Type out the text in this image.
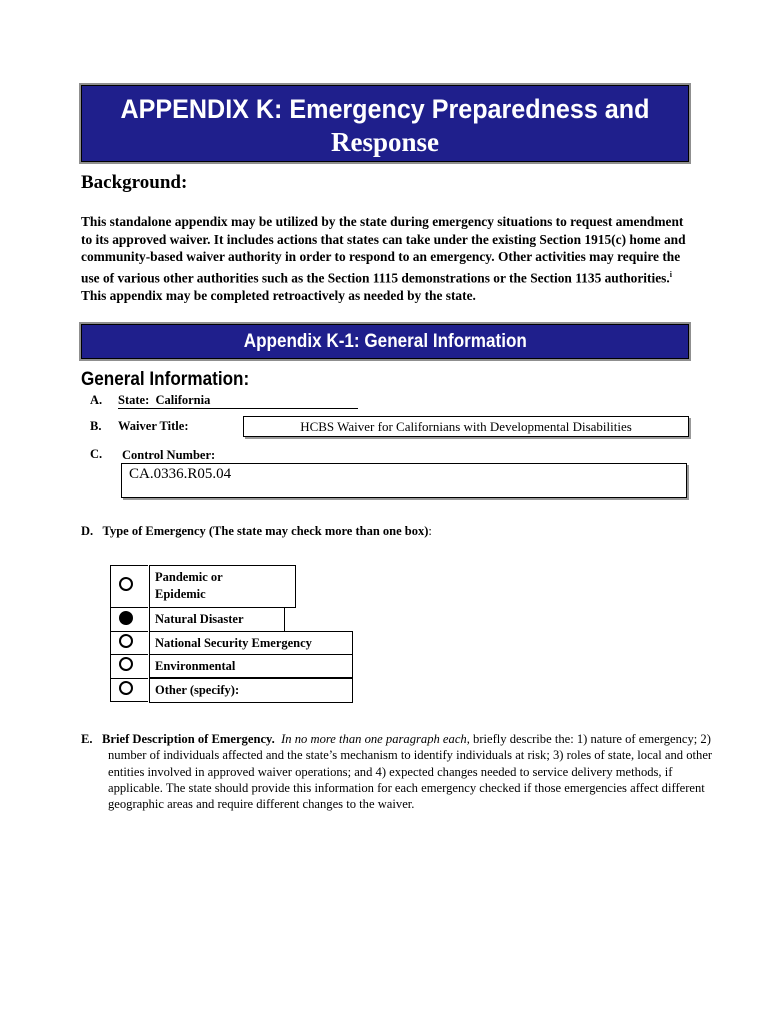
APPENDIX K: Emergency Preparedness and
Response
Background:
This standalone appendix may be utilized by the state during emergency situations to request amendment to its approved waiver. It includes actions that states can take under the existing Section 1915(c) home and community-based waiver authority in order to respond to an emergency. Other activities may require the use of various other authorities such as the Section 1115 demonstrations or the Section 1135 authorities.$^i$ This appendix may be completed retroactively as needed by the state.
Appendix K-1: General Information
General Information:
A. State: California
B. Waiver Title:	HCBS Waiver for Californians with Developmental Disabilities
C. Control Number:
CA.0336.R05.04
D. Type of Emergency (The state may check more than one box):
Pandemic or
Epidemic
Natural Disaster
National Security Emergency
Environmental
Other (specify):
E. Brief Description of Emergency. In no more than one paragraph each, briefly describe the: 1) nature of emergency; 2) number of individuals affected and the state’s mechanism to identify individuals at risk; 3) roles of state, local and other entities involved in approved waiver operations; and 4) expected changes needed to service delivery methods, if applicable. The state should provide this information for each emergency checked if those emergencies affect different geographic areas and require different changes to the waiver.
